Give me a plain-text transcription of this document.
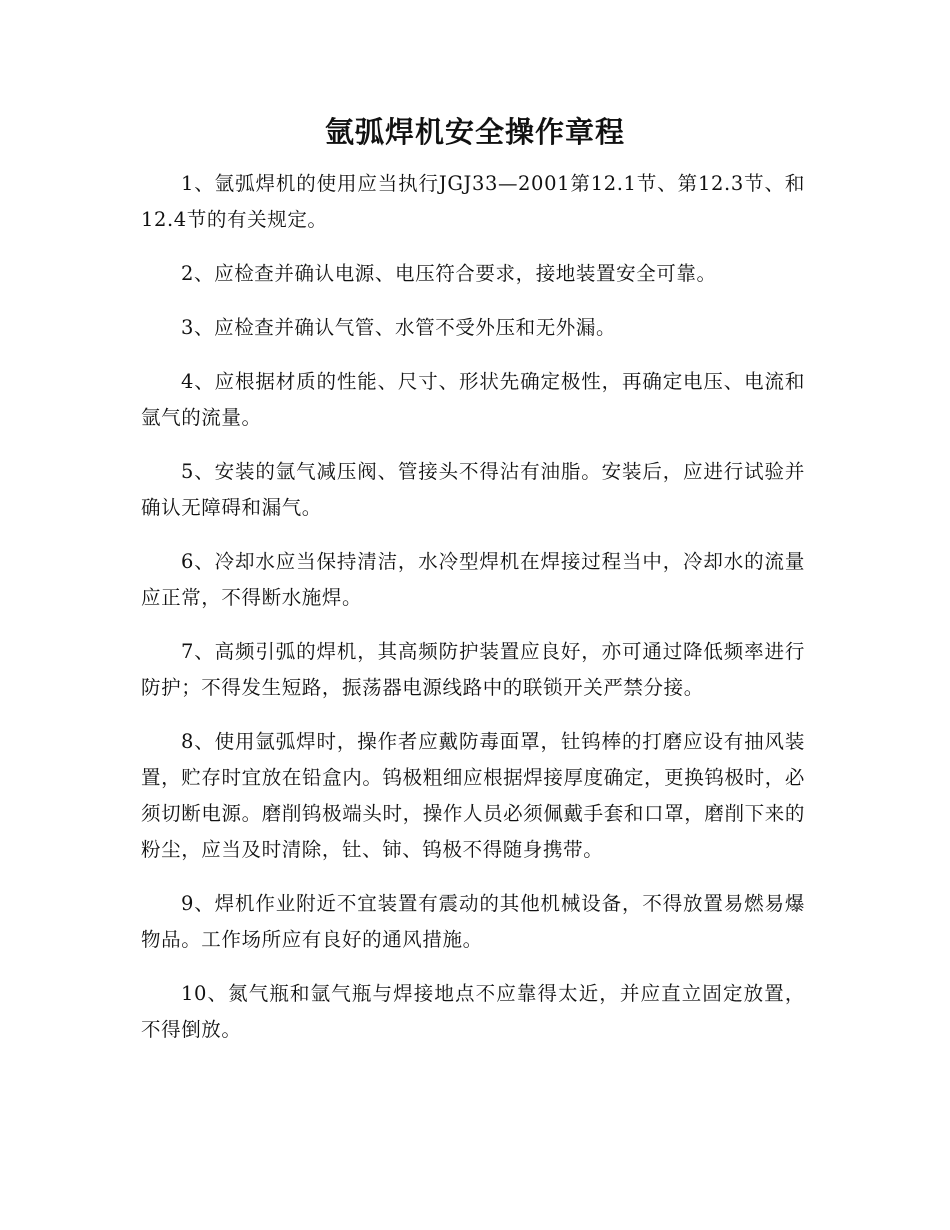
氩弧焊机安全操作章程

1、氩弧焊机的使用应当执行JGJ33—2001第12.1节、第12.3节、和12.4节的有关规定。

2、应检查并确认电源、电压符合要求，接地装置安全可靠。

3、应检查并确认气管、水管不受外压和无外漏。

4、应根据材质的性能、尺寸、形状先确定极性，再确定电压、电流和氩气的流量。

5、安装的氩气减压阀、管接头不得沾有油脂。安装后，应进行试验并确认无障碍和漏气。

6、冷却水应当保持清洁，水冷型焊机在焊接过程当中，冷却水的流量应正常，不得断水施焊。

7、高频引弧的焊机，其高频防护装置应良好，亦可通过降低频率进行防护；不得发生短路，振荡器电源线路中的联锁开关严禁分接。

8、使用氩弧焊时，操作者应戴防毒面罩，钍钨棒的打磨应设有抽风装置，贮存时宜放在铅盒内。钨极粗细应根据焊接厚度确定，更换钨极时，必须切断电源。磨削钨极端头时，操作人员必须佩戴手套和口罩，磨削下来的粉尘，应当及时清除，钍、铈、钨极不得随身携带。

9、焊机作业附近不宜装置有震动的其他机械设备，不得放置易燃易爆物品。工作场所应有良好的通风措施。

10、氮气瓶和氩气瓶与焊接地点不应靠得太近，并应直立固定放置，不得倒放。
